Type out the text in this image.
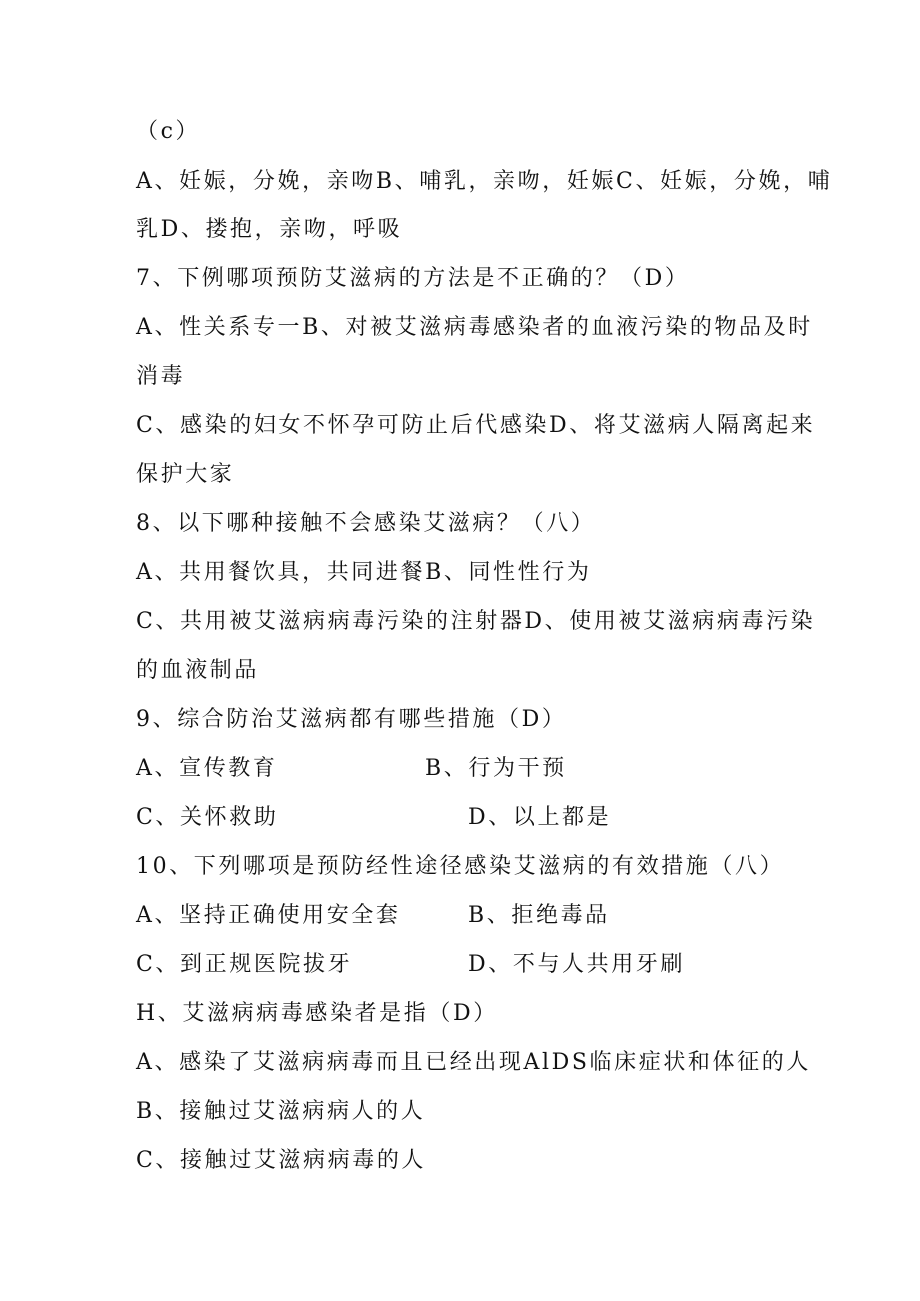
（c）
A、妊娠，分娩，亲吻B、哺乳，亲吻，妊娠C、妊娠，分娩，哺
乳D、搂抱，亲吻，呼吸
7、下例哪项预防艾滋病的方法是不正确的？（D）
A、性关系专一B、对被艾滋病毒感染者的血液污染的物品及时
消毒
C、感染的妇女不怀孕可防止后代感染D、将艾滋病人隔离起来
保护大家
8、以下哪种接触不会感染艾滋病？（八）
A、共用餐饮具，共同进餐B、同性性行为
C、共用被艾滋病病毒污染的注射器D、使用被艾滋病病毒污染
的血液制品
9、综合防治艾滋病都有哪些措施（D）
A、宣传教育	B、行为干预
C、关怀救助	D、以上都是
10、下列哪项是预防经性途径感染艾滋病的有效措施（八）
A、坚持正确使用安全套	B、拒绝毒品
C、到正规医院拔牙	D、不与人共用牙刷
H、艾滋病病毒感染者是指（D）
A、感染了艾滋病病毒而且已经出现AlDS临床症状和体征的人
B、接触过艾滋病病人的人
C、接触过艾滋病病毒的人
